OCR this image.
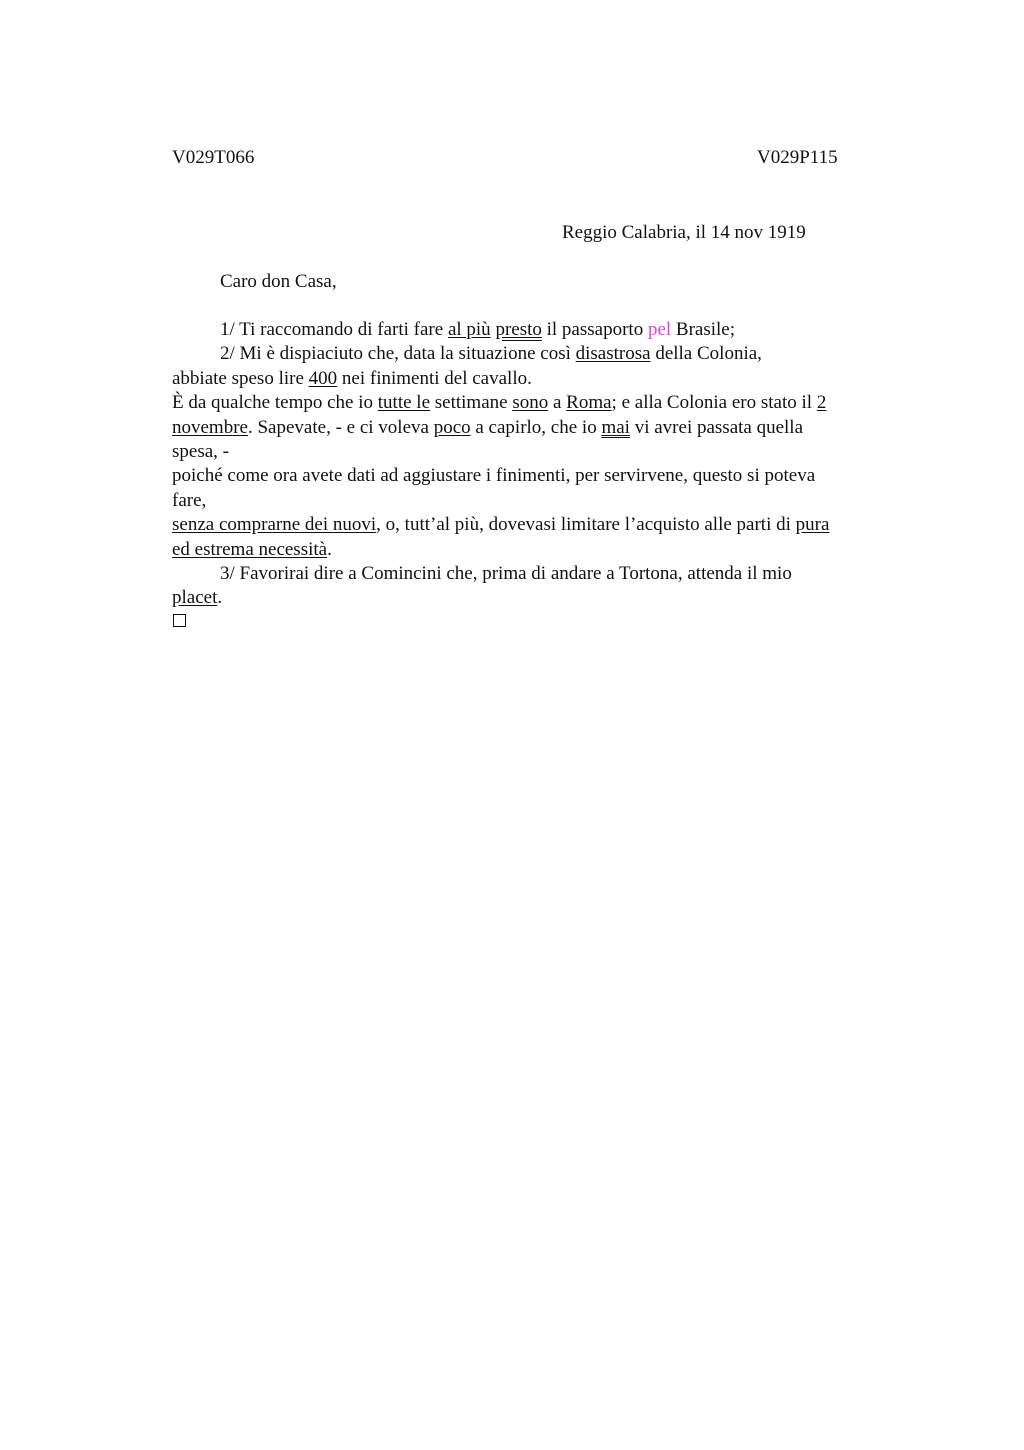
V029T066	V029P115
Reggio Calabria, il 14 nov 1919
Caro don Casa,
1/ Ti raccomando di farti fare al più presto il passaporto pel Brasile;
2/ Mi è dispiaciuto che, data la situazione così disastrosa della Colonia,
abbiate speso lire 400 nei finimenti del cavallo.
È da qualche tempo che io tutte le settimane sono a Roma; e alla Colonia ero stato il 2
novembre. Sapevate, - e ci voleva poco a capirlo, che io mai vi avrei passata quella
spesa, -
poiché come ora avete dati ad aggiustare i finimenti, per servirvene, questo si poteva
fare,
senza comprarne dei nuovi, o, tutt’al più, dovevasi limitare l’acquisto alle parti di pura
ed estrema necessità.
3/ Favorirai dire a Comincini che, prima di andare a Tortona, attenda il mio
placet.
